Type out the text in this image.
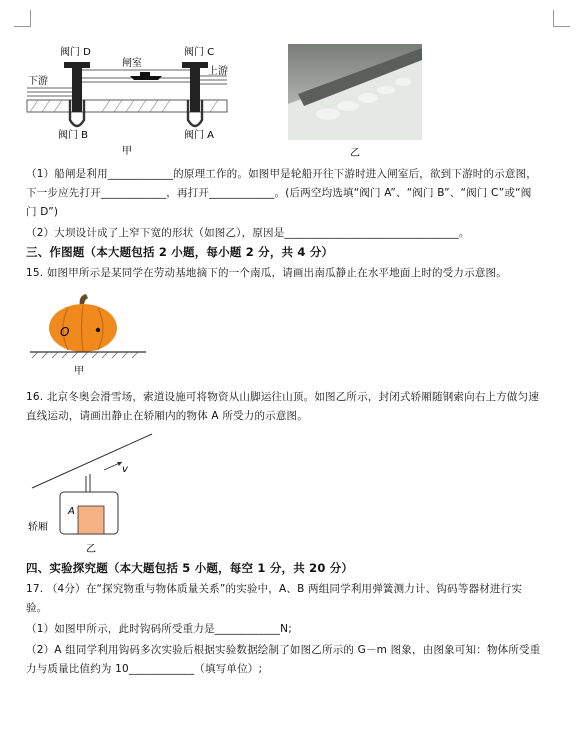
阀门 D	阀门 C
闸室
下游
上游
阀门 B	阀门 A
甲	乙
（1）船闸是利用____________的原理工作的。如图甲是轮船开往下游时进入闸室后，欲到下游时的示意图，
下一步应先打开____________，再打开____________。(后两空均选填“阀门 A”、“阀门 B”、“阀门 C”或“阀
门 D”)
（2）大坝设计成了上窄下宽的形状（如图乙），原因是________________________________。
三、作图题（本大题包括 2 小题，每小题 2 分，共 4 分）
15. 如图甲所示是某同学在劳动基地摘下的一个南瓜，请画出南瓜静止在水平地面上时的受力示意图。
O
甲
16. 北京冬奥会滑雪场，索道设施可将物资从山脚运往山顶。如图乙所示，封闭式轿厢随钢索向右上方做匀速
直线运动，请画出静止在轿厢内的物体 A 所受力的示意图。
v
A
轿厢
乙
四、实验探究题（本大题包括 5 小题，每空 1 分，共 20 分）
17. （4分）在“探究物重与物体质量关系”的实验中，A、B 两组同学利用弹簧测力计、钩码等器材进行实
验。
（1）如图甲所示，此时钩码所受重力是____________N;
（2）A 组同学利用钩码多次实验后根据实验数据绘制了如图乙所示的 G－m 图象，由图象可知：物体所受重
力与质量比值约为 10____________（填写单位）;
